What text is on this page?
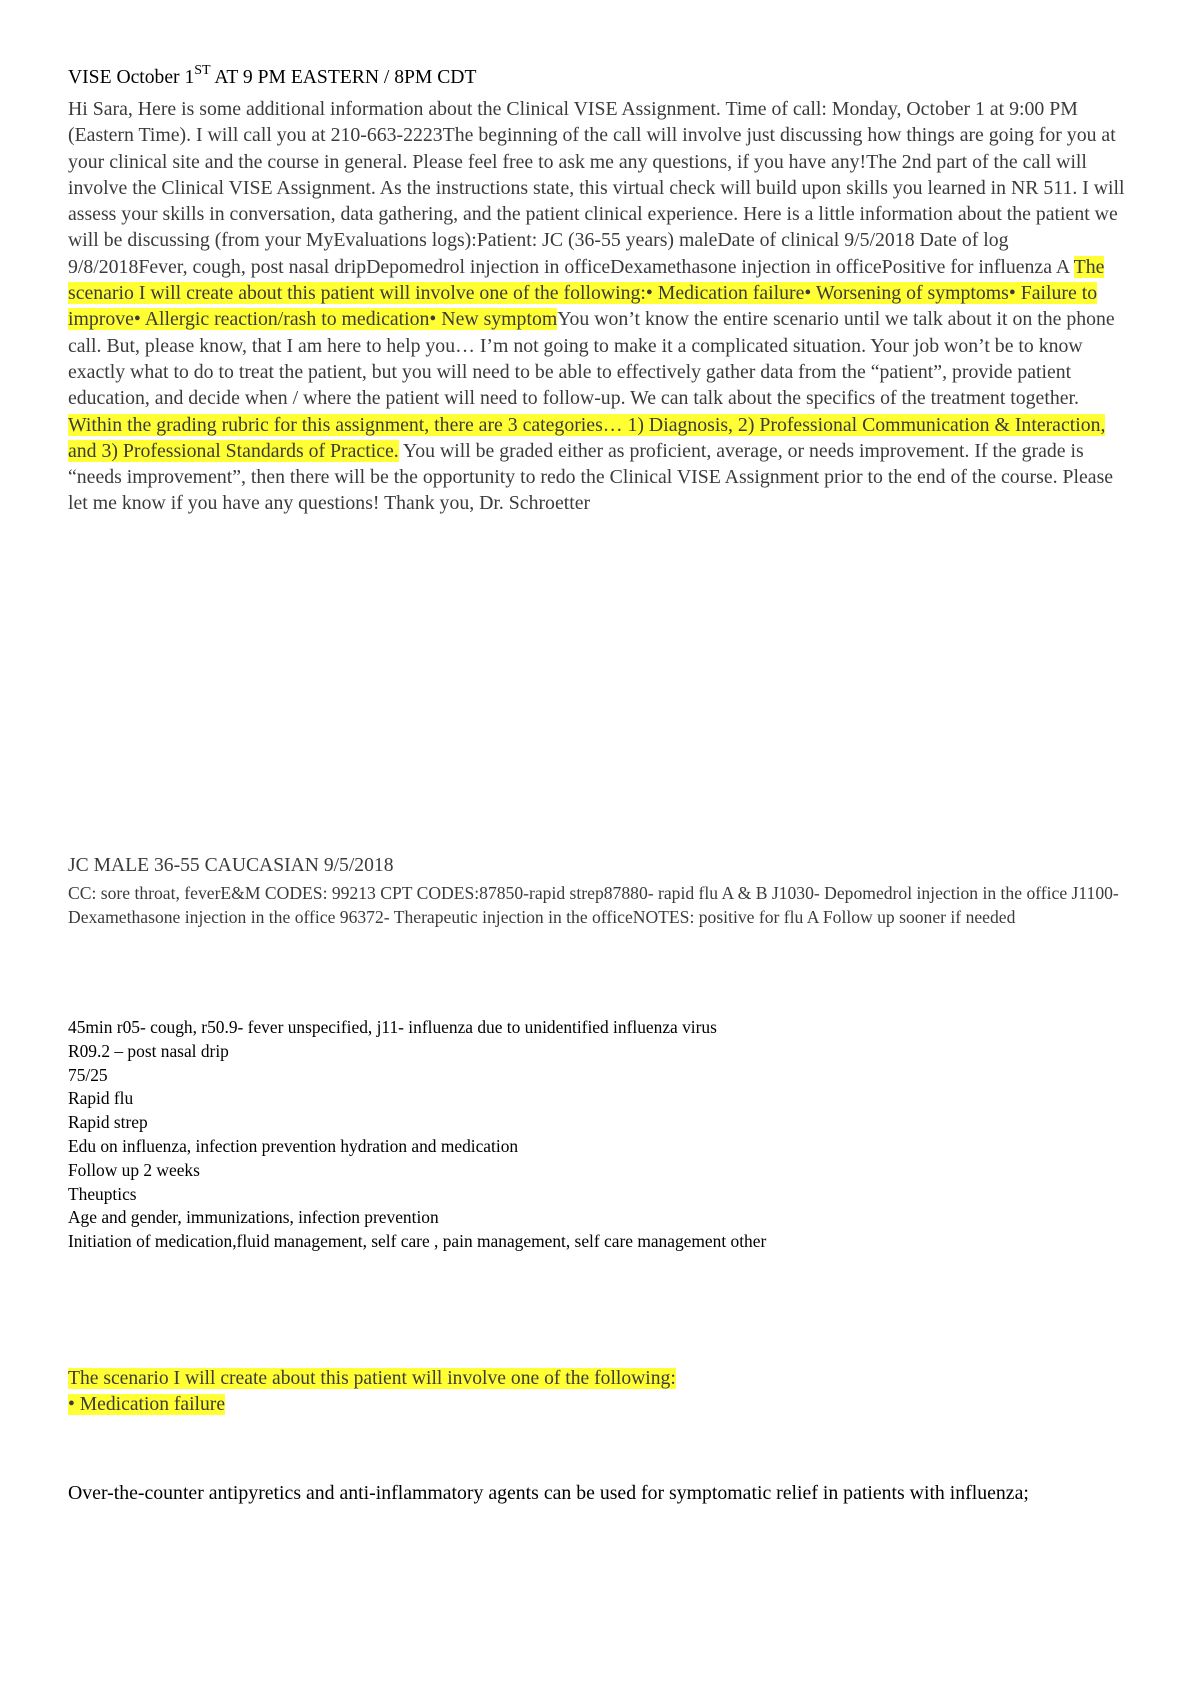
VISE October 1ST AT 9 PM EASTERN / 8PM CDT
Hi Sara, Here is some additional information about the Clinical VISE Assignment. Time of call: Monday, October 1 at 9:00 PM (Eastern Time). I will call you at 210-663-2223The beginning of the call will involve just discussing how things are going for you at your clinical site and the course in general. Please feel free to ask me any questions, if you have any!The 2nd part of the call will involve the Clinical VISE Assignment. As the instructions state, this virtual check will build upon skills you learned in NR 511. I will assess your skills in conversation, data gathering, and the patient clinical experience. Here is a little information about the patient we will be discussing (from your MyEvaluations logs):Patient: JC (36-55 years) maleDate of clinical 9/5/2018 Date of log 9/8/2018Fever, cough, post nasal dripDepomedrol injection in officeDexamethasone injection in officePositive for influenza A The scenario I will create about this patient will involve one of the following:• Medication failure• Worsening of symptoms• Failure to improve• Allergic reaction/rash to medication• New symptomYou won’t know the entire scenario until we talk about it on the phone call. But, please know, that I am here to help you… I’m not going to make it a complicated situation. Your job won’t be to know exactly what to do to treat the patient, but you will need to be able to effectively gather data from the “patient”, provide patient education, and decide when / where the patient will need to follow-up. We can talk about the specifics of the treatment together. Within the grading rubric for this assignment, there are 3 categories… 1) Diagnosis, 2) Professional Communication & Interaction, and 3) Professional Standards of Practice. You will be graded either as proficient, average, or needs improvement. If the grade is “needs improvement”, then there will be the opportunity to redo the Clinical VISE Assignment prior to the end of the course. Please let me know if you have any questions! Thank you, Dr. Schroetter
JC MALE 36-55 CAUCASIAN 9/5/2018
CC: sore throat, feverE&M CODES: 99213 CPT CODES:87850-rapid strep87880- rapid flu A & B J1030- Depomedrol injection in the office J1100- Dexamethasone injection in the office 96372- Therapeutic injection in the officeNOTES: positive for flu A Follow up sooner if needed
45min r05- cough, r50.9- fever unspecified, j11- influenza due to unidentified influenza virus
R09.2 – post nasal drip
75/25
Rapid flu
Rapid strep
Edu on influenza, infection prevention hydration and medication
Follow up 2 weeks
Theuptics
Age and gender, immunizations, infection prevention
Initiation of medication,fluid management, self care , pain management, self care management other
The scenario I will create about this patient will involve one of the following:
• Medication failure
Over-the-counter antipyretics and anti-inflammatory agents can be used for symptomatic relief in patients with influenza;
